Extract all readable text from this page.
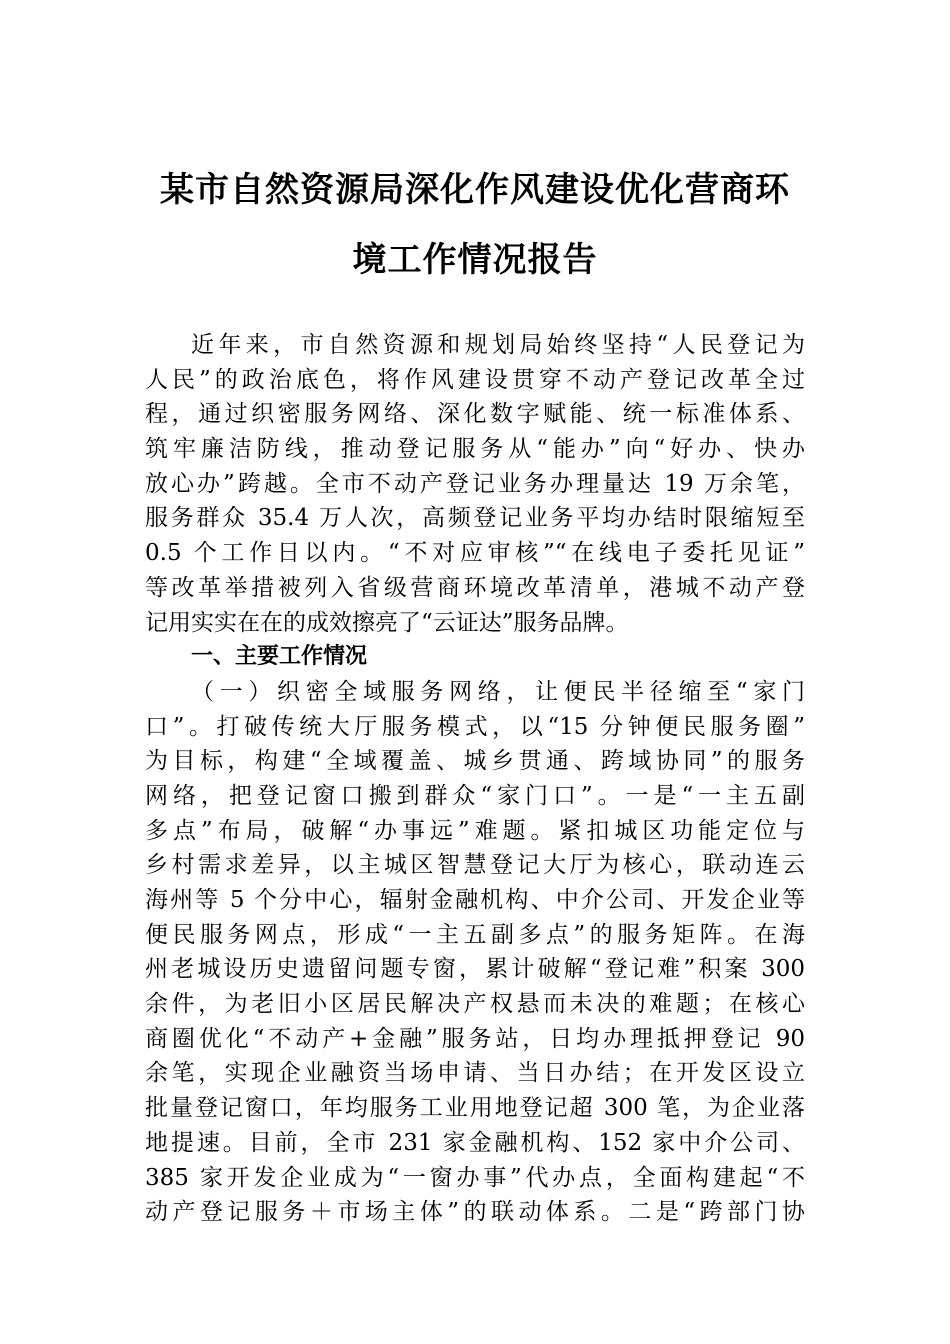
某市自然资源局深化作风建设优化营商环
境工作情况报告
近年来，市自然资源和规划局始终坚持“人民登记为
人民”的政治底色，将作风建设贯穿不动产登记改革全过
程，通过织密服务网络、深化数字赋能、统一标准体系、
筑牢廉洁防线，推动登记服务从“能办”向“好办、快办
放心办”跨越。全市不动产登记业务办理量达 19 万余笔，
服务群众 35.4 万人次，高频登记业务平均办结时限缩短至
0.5 个工作日以内。“不对应审核”“在线电子委托见证”
等改革举措被列入省级营商环境改革清单，港城不动产登
记用实实在在的成效擦亮了“云证达”服务品牌。
一、主要工作情况
（一）织密全域服务网络，让便民半径缩至“家门
口”。打破传统大厅服务模式，以“15 分钟便民服务圈”
为目标，构建“全域覆盖、城乡贯通、跨域协同”的服务
网络，把登记窗口搬到群众“家门口”。一是“一主五副
多点”布局，破解“办事远”难题。紧扣城区功能定位与
乡村需求差异，以主城区智慧登记大厅为核心，联动连云
海州等 5 个分中心，辐射金融机构、中介公司、开发企业等
便民服务网点，形成“一主五副多点”的服务矩阵。在海
州老城设历史遗留问题专窗，累计破解“登记难”积案 300
余件，为老旧小区居民解决产权悬而未决的难题；在核心
商圈优化“不动产+金融”服务站，日均办理抵押登记 90
余笔，实现企业融资当场申请、当日办结；在开发区设立
批量登记窗口，年均服务工业用地登记超 300 笔，为企业落
地提速。目前，全市 231 家金融机构、152 家中介公司、
385 家开发企业成为“一窗办事”代办点，全面构建起“不
动产登记服务＋市场主体”的联动体系。二是“跨部门协
